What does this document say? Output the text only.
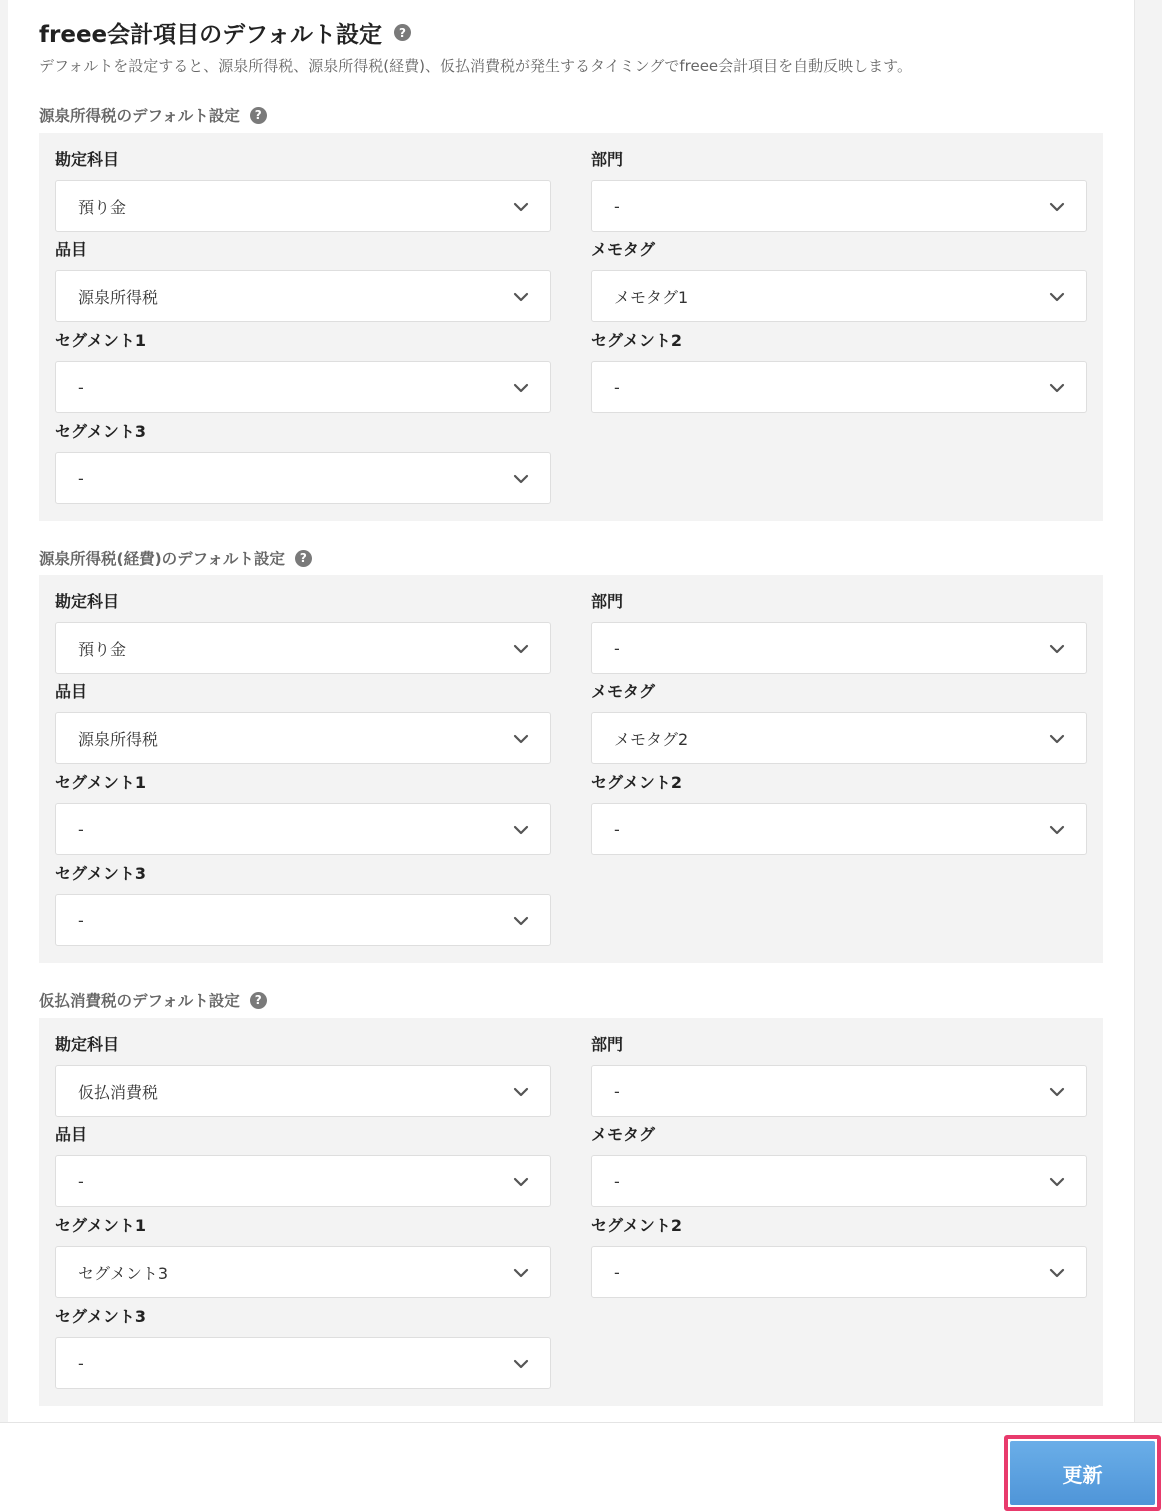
freee会計項目のデフォルト設定	?

デフォルトを設定すると、源泉所得税、源泉所得税(経費)、仮払消費税が発生するタイミングでfreee会計項目を自動反映します。

源泉所得税のデフォルト設定	?
勘定科目
預り金
部門
-
品目
源泉所得税
メモタグ
メモタグ1
セグメント1
-
セグメント2
-
セグメント3
-
源泉所得税(経費)のデフォルト設定	?
勘定科目
預り金
部門
-
品目
源泉所得税
メモタグ
メモタグ2
セグメント1
-
セグメント2
-
セグメント3
-
仮払消費税のデフォルト設定	?
勘定科目
仮払消費税
部門
-
品目
-
メモタグ
-
セグメント1
セグメント3
セグメント2
-
セグメント3
-
更新
